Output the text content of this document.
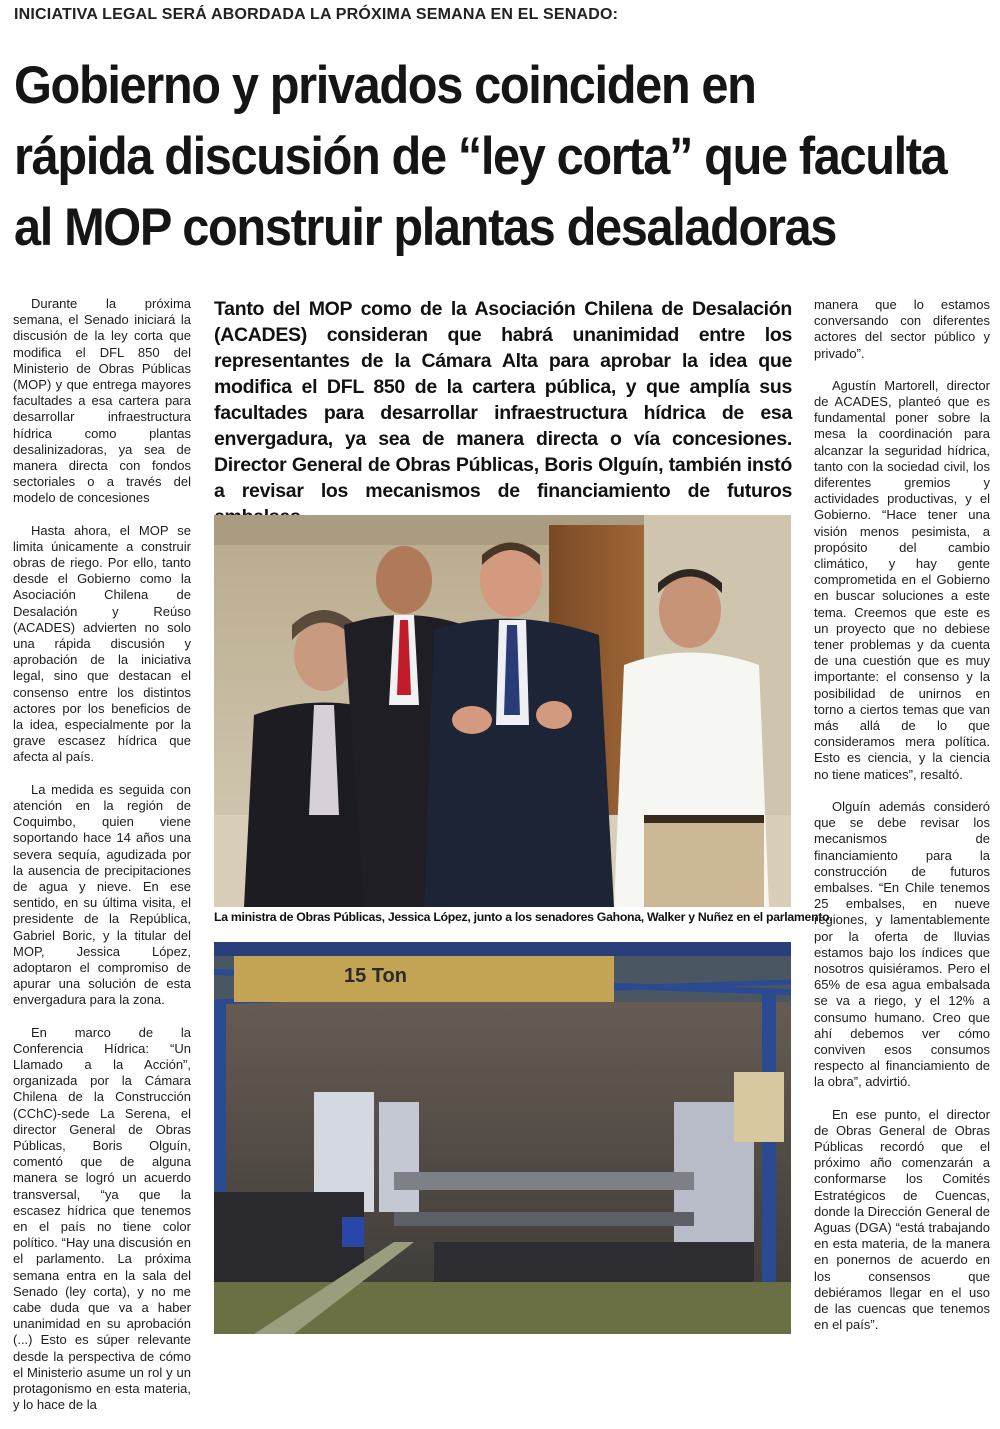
INICIATIVA LEGAL SERÁ ABORDADA LA PRÓXIMA SEMANA EN EL SENADO:
Gobierno y privados coinciden en
rápida discusión de “ley corta” que faculta
al MOP construir plantas desaladoras

Durante la próxima semana, el Senado iniciará la discusión de la ley corta que modifica el DFL 850 del Ministerio de Obras Públicas (MOP) y que entrega mayores facultades a esa cartera para desarrollar infraestructura hídrica como plantas desalinizadoras, ya sea de manera directa con fondos sectoriales o a través del modelo de concesiones

Hasta ahora, el MOP se limita únicamente a construir obras de riego. Por ello, tanto desde el Gobierno como la Asociación Chilena de Desalación y Reúso (ACADES) advierten no solo una rápida discusión y aprobación de la iniciativa legal, sino que destacan el consenso entre los distintos actores por los beneficios de la idea, especialmente por la grave escasez hídrica que afecta al país.

La medida es seguida con atención en la región de Coquimbo, quien viene soportando hace 14 años una severa sequía, agudizada por la ausencia de precipitaciones de agua y nieve. En ese sentido, en su última visita, el presidente de la República, Gabriel Boric, y la titular del MOP, Jessica López, adoptaron el compromiso de apurar una solución de esta envergadura para la zona.

En marco de la Conferencia Hídrica: “Un Llamado a la Acción”, organizada por la Cámara Chilena de la Construcción (CChC)-sede La Serena, el director General de Obras Públicas, Boris Olguín, comentó que de alguna manera se logró un acuerdo transversal, “ya que la escasez hídrica que tenemos en el país no tiene color político. “Hay una discusión en el parlamento. La próxima semana entra en la sala del Senado (ley corta), y no me cabe duda que va a haber unanimidad en su aprobación (...) Esto es súper relevante desde la perspectiva de cómo el Ministerio asume un rol y un protagonismo en esta materia, y lo hace de la

Tanto del MOP como de la Asociación Chilena de Desalación (ACADES) consideran que habrá unanimidad entre los representantes de la Cámara Alta para aprobar la idea que modifica el DFL 850 de la cartera pública, y que amplía sus facultades para desarrollar infraestructura hídrica de esa envergadura, ya sea de manera directa o vía concesiones. Director General de Obras Públicas, Boris Olguín, también instó a revisar los mecanismos de financiamiento de futuros
La ministra de Obras Públicas, Jessica López, junto a los senadores Gahona, Walker y Nuñez en el parlamento.
15 Ton

manera que lo estamos conversando con diferentes actores del sector público y privado”.

Agustín Martorell, director de ACADES, planteó que es fundamental poner sobre la mesa la coordinación para alcanzar la seguridad hídrica, tanto con la sociedad civil, los diferentes gremios y actividades productivas, y el Gobierno. “Hace tener una visión menos pesimista, a propósito del cambio climático, y hay gente comprometida en el Gobierno en buscar soluciones a este tema. Creemos que este es un proyecto que no debiese tener problemas y da cuenta de una cuestión que es muy importante: el consenso y la posibilidad de unirnos en torno a ciertos temas que van más allá de lo que consideramos mera política. Esto es ciencia, y la ciencia no tiene matices”, resaltó.

Olguín además consideró que se debe revisar los mecanismos de financiamiento para la construcción de futuros embalses. “En Chile tenemos 25 embalses, en nueve regiones, y lamentablemente por la oferta de lluvias estamos bajo los índices que nosotros quisiéramos. Pero el 65% de esa agua embalsada se va a riego, y el 12% a consumo humano. Creo que ahí debemos ver cómo conviven esos consumos respecto al financiamiento de la obra”, advirtió.

En ese punto, el director de Obras General de Obras Públicas recordó que el próximo año comenzarán a conformarse los Comités Estratégicos de Cuencas, donde la Dirección General de Aguas (DGA) “está trabajando en esta materia, de la manera en ponernos de acuerdo en los consensos que debiéramos llegar en el uso de las cuencas que tenemos en el país”.
